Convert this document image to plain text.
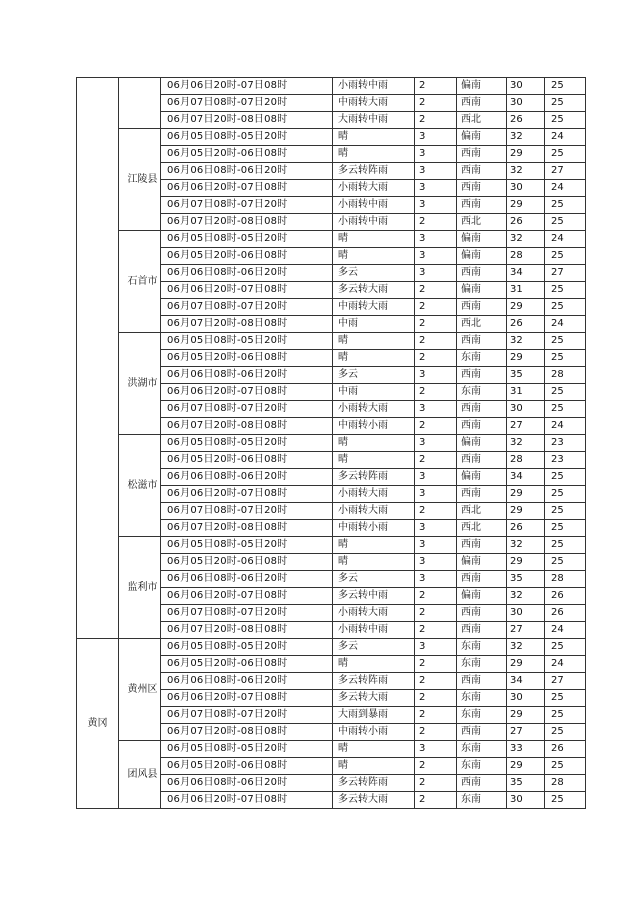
		06月06日20时-07日08时	小雨转中雨	2	偏南	30	25
		06月07日08时-07日20时	中雨转大雨	2	西南	30	25
		06月07日20时-08日08时	大雨转中雨	2	西北	26	25
	江陵县	06月05日08时-05日20时	晴	3	偏南	32	24
		06月05日20时-06日08时	晴	3	西南	29	25
		06月06日08时-06日20时	多云转阵雨	3	西南	32	27
		06月06日20时-07日08时	小雨转大雨	3	西南	30	24
		06月07日08时-07日20时	小雨转中雨	3	西南	29	25
		06月07日20时-08日08时	小雨转中雨	2	西北	26	25
	石首市	06月05日08时-05日20时	晴	3	偏南	32	24
		06月05日20时-06日08时	晴	3	偏南	28	25
		06月06日08时-06日20时	多云	3	西南	34	27
		06月06日20时-07日08时	多云转大雨	2	偏南	31	25
		06月07日08时-07日20时	中雨转大雨	2	西南	29	25
		06月07日20时-08日08时	中雨	2	西北	26	24
	洪湖市	06月05日08时-05日20时	晴	2	西南	32	25
		06月05日20时-06日08时	晴	2	东南	29	25
		06月06日08时-06日20时	多云	3	西南	35	28
		06月06日20时-07日08时	中雨	2	东南	31	25
		06月07日08时-07日20时	小雨转大雨	3	西南	30	25
		06月07日20时-08日08时	中雨转小雨	2	西南	27	24
	松滋市	06月05日08时-05日20时	晴	3	偏南	32	23
		06月05日20时-06日08时	晴	2	西南	28	23
		06月06日08时-06日20时	多云转阵雨	3	偏南	34	25
		06月06日20时-07日08时	小雨转大雨	3	西南	29	25
		06月07日08时-07日20时	小雨转大雨	2	西北	29	25
		06月07日20时-08日08时	中雨转小雨	3	西北	26	25
	监利市	06月05日08时-05日20时	晴	3	西南	32	25
		06月05日20时-06日08时	晴	3	偏南	29	25
		06月06日08时-06日20时	多云	3	西南	35	28
		06月06日20时-07日08时	多云转中雨	2	偏南	32	26
		06月07日08时-07日20时	小雨转大雨	2	西南	30	26
		06月07日20时-08日08时	小雨转中雨	2	西南	27	24
黄冈	黄州区	06月05日08时-05日20时	多云	3	东南	32	25
		06月05日20时-06日08时	晴	2	东南	29	24
		06月06日08时-06日20时	多云转阵雨	2	西南	34	27
		06月06日20时-07日08时	多云转大雨	2	东南	30	25
		06月07日08时-07日20时	大雨到暴雨	2	东南	29	25
		06月07日20时-08日08时	中雨转小雨	2	西南	27	25
	团风县	06月05日08时-05日20时	晴	3	东南	33	26
		06月05日20时-06日08时	晴	2	东南	29	25
		06月06日08时-06日20时	多云转阵雨	2	西南	35	28
		06月06日20时-07日08时	多云转大雨	2	东南	30	25
